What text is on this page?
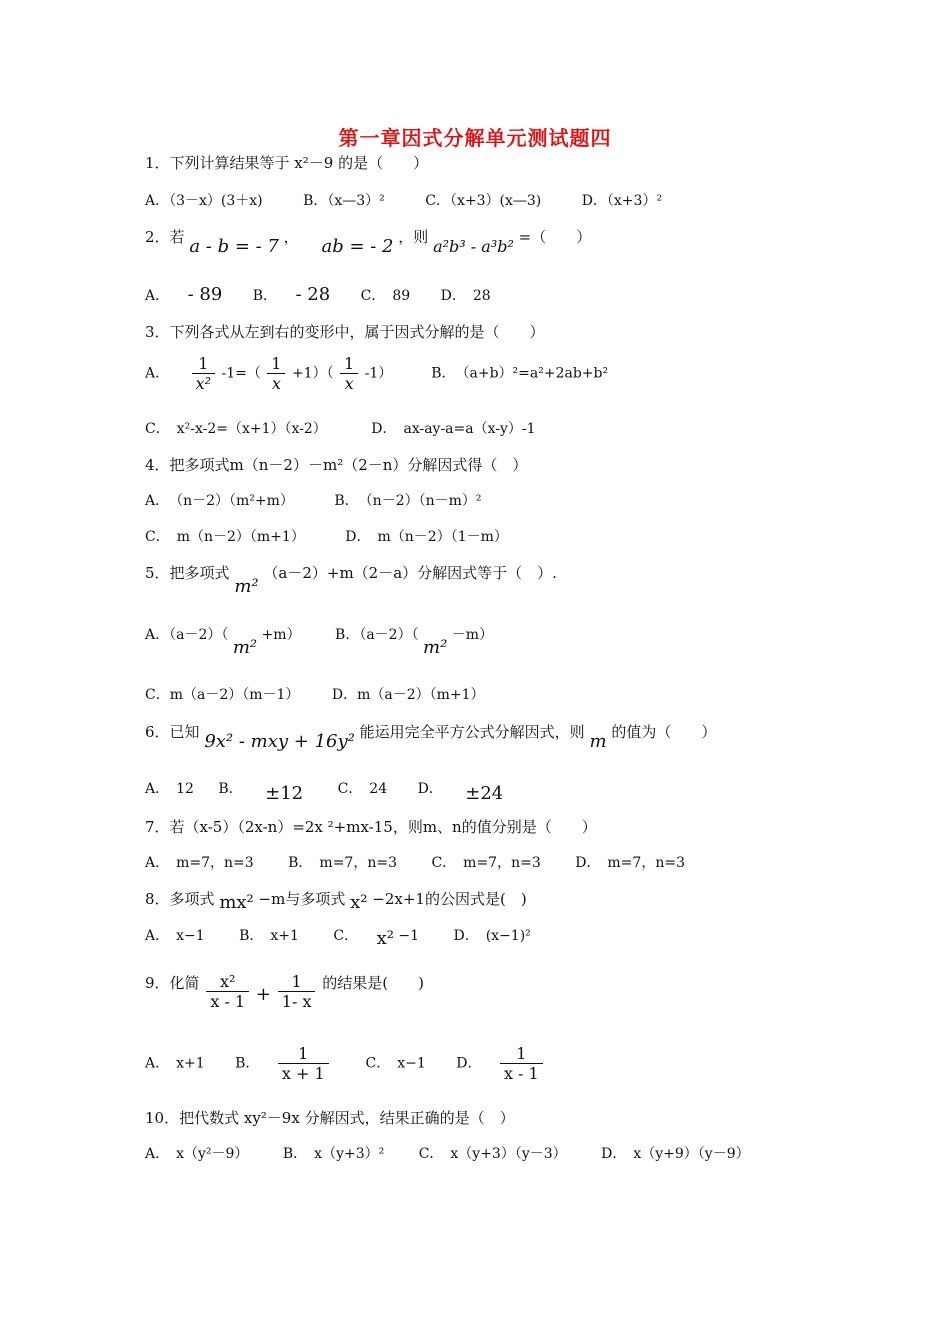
第一章因式分解单元测试题四
1．下列计算结果等于 x²－9 的是（　　）
A．（3－x）(3＋x)	B．（x—3）²	C．（x+3）(x—3)	D．（x+3）²
2．若 a - b = - 7 ， ab = - 2 ，则 a²b³ - a³b² =（　　）
A． - 89 B． - 28 C．　89 D．　28
3．下列各式从左到右的变形中，属于因式分解的是（　　）
A． $\frac{1}{\text{x²}} -1=( \frac{1}{x} +1)( \frac{1}{x} -1)$	B．　（a+b）²=a²+2ab+b²
C．　x²-x-2=（x+1）（x-2）	D．　ax-ay-a=a（x-y）-1
4．把多项式m（n－2）－m²（2－n）分解因式得（　）
A．　（n－2）（m²+m）	B．　（n－2）（n－m）²
C．　m（n－2）（m+1）	D．　m（n－2）（1－m）
5．把多项式 m² （a－2）+m（2－a）分解因式等于（　）.
A．（a－2）（ m² +m） B．（a－2）（ m² －m）
C．m（a－2）（m－1） D．m（a－2）（m+1）
6．已知 9x² - mxy + 16y² 能运用完全平方公式分解因式，则 m 的值为（　　）
A．　12 B． ±12 C．　24 D． ±24
7．若（x-5）（2x-n）=2x ²+mx-15，则m、n的值分别是（　　）
A．　m=7，n=3 B．　m=7，n=3 C．　m=7，n=3 D．　m=7，n=3
8．多项式 mx² −m与多项式 x² −2x+1的公因式是(　)
A．　x−1 B．　x+1 C． x² −1 D．　(x−1)²
9．化简 $\frac{\text{x²}}{x - 1} + \frac{1}{1- x}$ 的结果是(　　)
A．　x+1 B． $\frac{1}{x + 1}$	C．　x−1 D． $\frac{1}{x - 1}$
10．把代数式 xy²－9x 分解因式，结果正确的是（　）
A．　x（y²－9） B．　x（y+3）² C．　x（y+3）（y－3） D．　x（y+9）（y－9）
